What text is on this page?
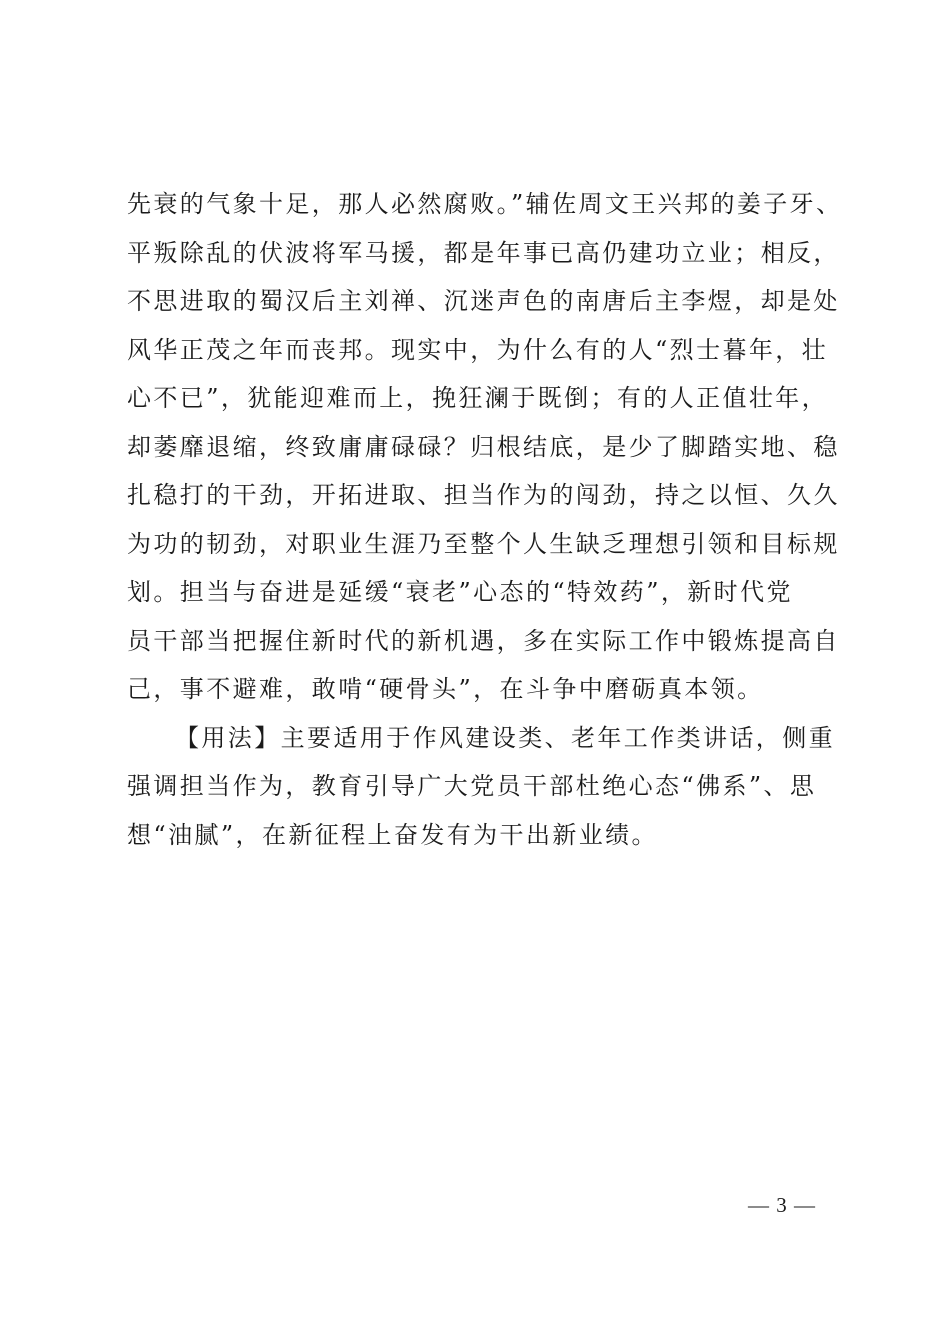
先衰的气象十足，那人必然腐败。”辅佐周文王兴邦的姜子牙、
平叛除乱的伏波将军马援，都是年事已高仍建功立业；相反，
不思进取的蜀汉后主刘禅、沉迷声色的南唐后主李煜，却是处
风华正茂之年而丧邦。现实中，为什么有的人“烈士暮年，壮
心不已”，犹能迎难而上，挽狂澜于既倒；有的人正值壮年，
却萎靡退缩，终致庸庸碌碌？归根结底，是少了脚踏实地、稳
扎稳打的干劲，开拓进取、担当作为的闯劲，持之以恒、久久
为功的韧劲，对职业生涯乃至整个人生缺乏理想引领和目标规
划。担当与奋进是延缓“衰老”心态的“特效药”，新时代党
员干部当把握住新时代的新机遇，多在实际工作中锻炼提高自
己，事不避难，敢啃“硬骨头”，在斗争中磨砺真本领。
【用法】主要适用于作风建设类、老年工作类讲话，侧重
强调担当作为，教育引导广大党员干部杜绝心态“佛系”、思
想“油腻”，在新征程上奋发有为干出新业绩。
— 3 —
